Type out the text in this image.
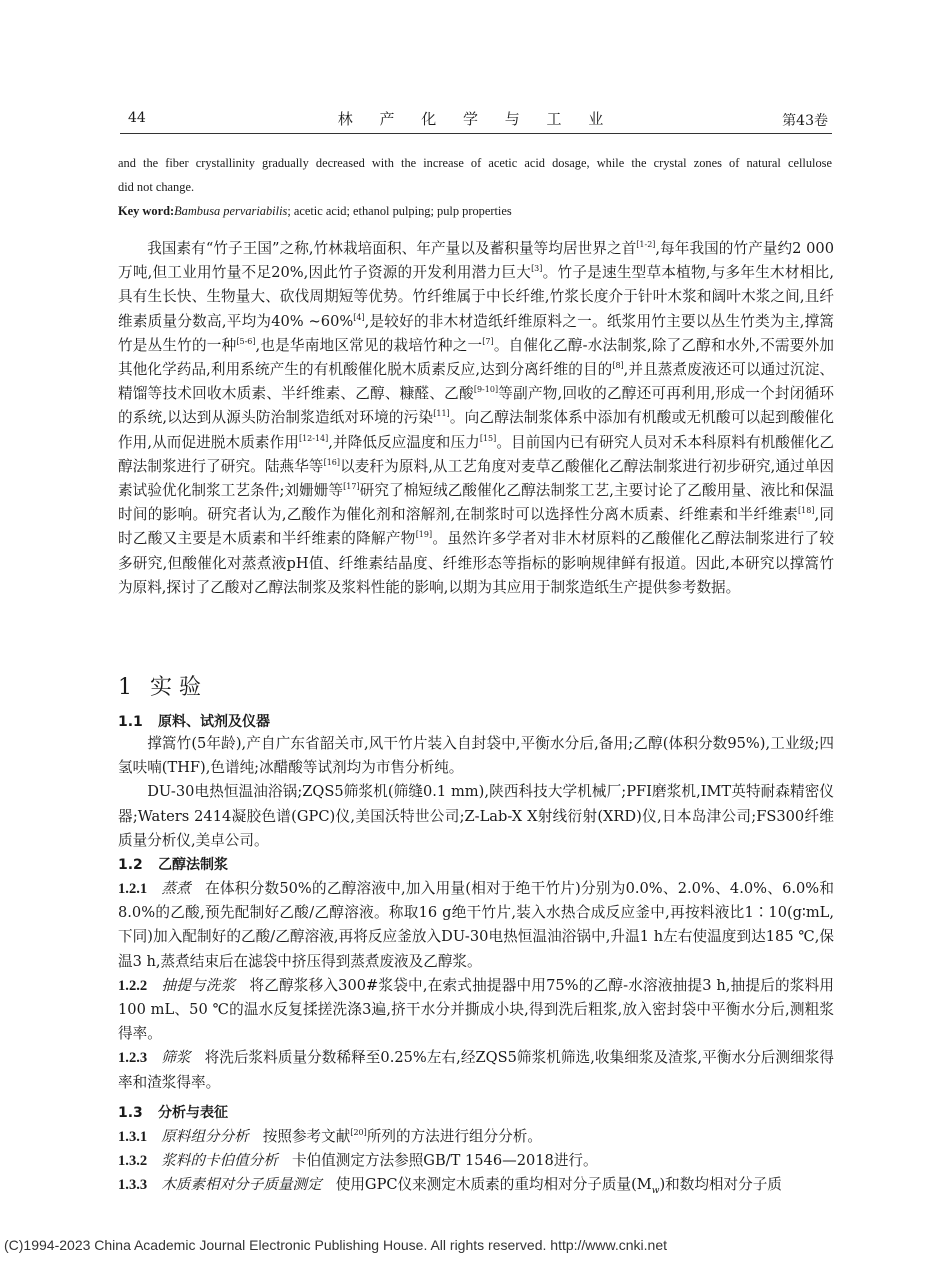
44	林 产 化 学 与 工 业	第43卷
and the fiber crystallinity gradually decreased with the increase of acetic acid dosage, while the crystal zones of natural cellulose
did not change.
Key word:Bambusa pervariabilis; acetic acid; ethanol pulping; pulp properties

我国素有“竹子王国”之称,竹林栽培面积、年产量以及蓄积量等均居世界之首[1-2],每年我国的竹产量约2 000万吨,但工业用竹量不足20%,因此竹子资源的开发利用潜力巨大[3]。竹子是速生型草本植物,与多年生木材相比,具有生长快、生物量大、砍伐周期短等优势。竹纤维属于中长纤维,竹浆长度介于针叶木浆和阔叶木浆之间,且纤维素质量分数高,平均为40% ~60%[4],是较好的非木材造纸纤维原料之一。纸浆用竹主要以丛生竹类为主,撑篙竹是丛生竹的一种[5-6],也是华南地区常见的栽培竹种之一[7]。自催化乙醇-水法制浆,除了乙醇和水外,不需要外加其他化学药品,利用系统产生的有机酸催化脱木质素反应,达到分离纤维的目的[8],并且蒸煮废液还可以通过沉淀、精馏等技术回收木质素、半纤维素、乙醇、糠醛、乙酸[9-10]等副产物,回收的乙醇还可再利用,形成一个封闭循环的系统,以达到从源头防治制浆造纸对环境的污染[11]。向乙醇法制浆体系中添加有机酸或无机酸可以起到酸催化作用,从而促进脱木质素作用[12-14],并降低反应温度和压力[15]。目前国内已有研究人员对禾本科原料有机酸催化乙醇法制浆进行了研究。陆燕华等[16]以麦秆为原料,从工艺角度对麦草乙酸催化乙醇法制浆进行初步研究,通过单因素试验优化制浆工艺条件;刘姗姗等[17]研究了棉短绒乙酸催化乙醇法制浆工艺,主要讨论了乙酸用量、液比和保温时间的影响。研究者认为,乙酸作为催化剂和溶解剂,在制浆时可以选择性分离木质素、纤维素和半纤维素[18],同时乙酸又主要是木质素和半纤维素的降解产物[19]。虽然许多学者对非木材原料的乙酸催化乙醇法制浆进行了较多研究,但酸催化对蒸煮液pH值、纤维素结晶度、纤维形态等指标的影响规律鲜有报道。因此,本研究以撑篙竹为原料,探讨了乙酸对乙醇法制浆及浆料性能的影响,以期为其应用于制浆造纸生产提供参考数据。

1 实 验
1.1 原料、试剂及仪器

撑篙竹(5年龄),产自广东省韶关市,风干竹片装入自封袋中,平衡水分后,备用;乙醇(体积分数95%),工业级;四氢呋喃(THF),色谱纯;冰醋酸等试剂均为市售分析纯。

DU-30电热恒温油浴锅;ZQS5筛浆机(筛缝0.1 mm),陕西科技大学机械厂;PFI磨浆机,IMT英特耐森精密仪器;Waters 2414凝胶色谱(GPC)仪,美国沃特世公司;Z-Lab-X X射线衍射(XRD)仪,日本岛津公司;FS300纤维质量分析仪,美卓公司。

1.2 乙醇法制浆

1.2.1 蒸煮 在体积分数50%的乙醇溶液中,加入用量(相对于绝干竹片)分别为0.0%、2.0%、4.0%、6.0%和8.0%的乙酸,预先配制好乙酸/乙醇溶液。称取16 g绝干竹片,装入水热合成反应釜中,再按料液比1∶10(g∶mL,下同)加入配制好的乙酸/乙醇溶液,再将反应釜放入DU-30电热恒温油浴锅中,升温1 h左右使温度到达185 ℃,保温3 h,蒸煮结束后在滤袋中挤压得到蒸煮废液及乙醇浆。

1.2.2 抽提与洗浆 将乙醇浆移入300#浆袋中,在索式抽提器中用75%的乙醇-水溶液抽提3 h,抽提后的浆料用100 mL、50 ℃的温水反复揉搓洗涤3遍,挤干水分并撕成小块,得到洗后粗浆,放入密封袋中平衡水分后,测粗浆得率。

1.2.3 筛浆 将洗后浆料质量分数稀释至0.25%左右,经ZQS5筛浆机筛选,收集细浆及渣浆,平衡水分后测细浆得率和渣浆得率。

1.3 分析与表征

1.3.1 原料组分分析 按照参考文献[20]所列的方法进行组分分析。

1.3.2 浆料的卡伯值分析 卡伯值测定方法参照GB/T 1546—2018进行。

1.3.3 木质素相对分子质量测定 使用GPC仪来测定木质素的重均相对分子质量$(M_w)$和数均相对分子质

(C)1994-2023 China Academic Journal Electronic Publishing House. All rights reserved. http://www.cnki.net
